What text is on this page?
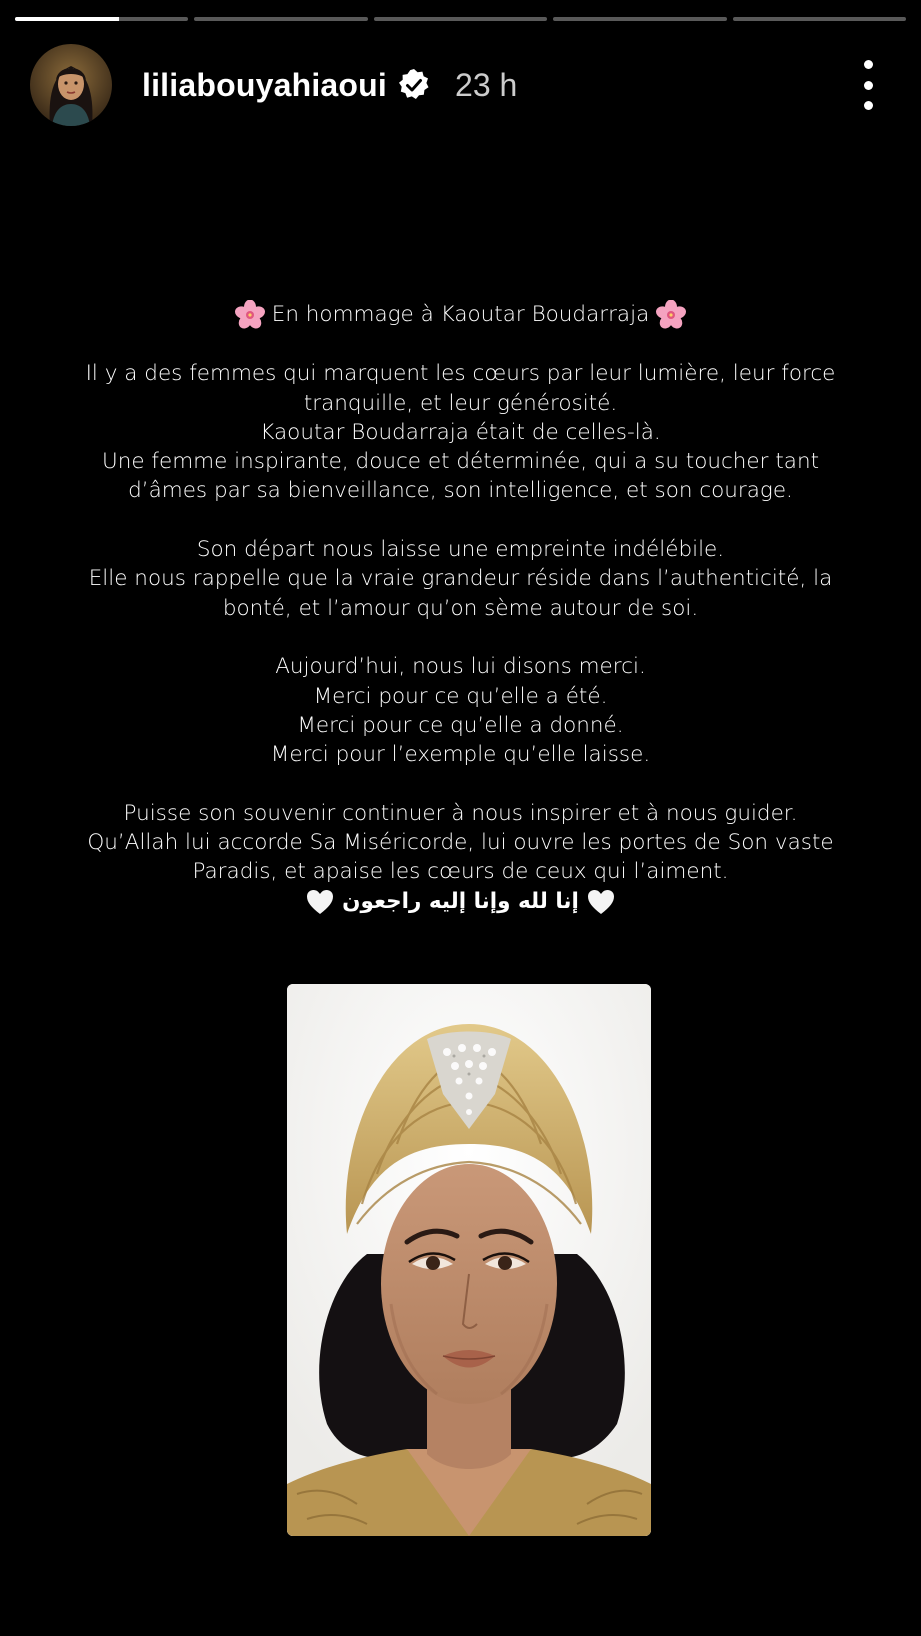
liliabouyahiaoui 23 h
En hommage à Kaoutar Boudarraja
Il y a des femmes qui marquent les cœurs par leur lumière, leur force
tranquille, et leur générosité.
Kaoutar Boudarraja était de celles-là.
Une femme inspirante, douce et déterminée, qui a su toucher tant
d’âmes par sa bienveillance, son intelligence, et son courage.
Son départ nous laisse une empreinte indélébile.
Elle nous rappelle que la vraie grandeur réside dans l’authenticité, la
bonté, et l’amour qu’on sème autour de soi.
Aujourd’hui, nous lui disons merci.
Merci pour ce qu’elle a été.
Merci pour ce qu’elle a donné.
Merci pour l’exemple qu’elle laisse.
Puisse son souvenir continuer à nous inspirer et à nous guider.
Qu’Allah lui accorde Sa Miséricorde, lui ouvre les portes de Son vaste
Paradis, et apaise les cœurs de ceux qui l’aiment.
إنا لله وإنا إليه راجعون
